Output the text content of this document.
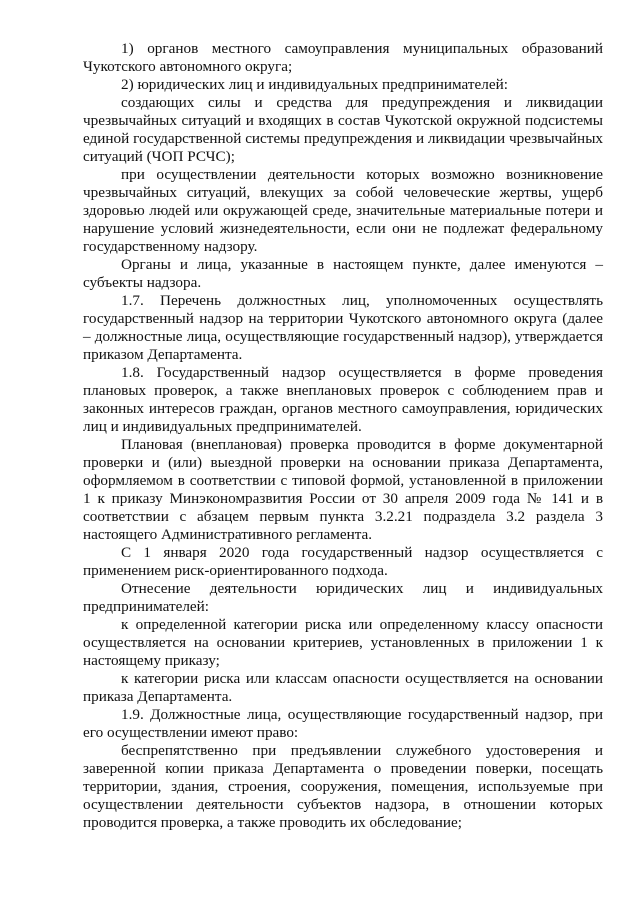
1) органов местного самоуправления муниципальных образований Чукотского автономного округа;

2) юридических лиц и индивидуальных предпринимателей:

создающих силы и средства для предупреждения и ликвидации чрезвычайных ситуаций и входящих в состав Чукотской окружной подсистемы единой государственной системы предупреждения и ликвидации чрезвычайных ситуаций (ЧОП РСЧС);

при осуществлении деятельности которых возможно возникновение чрезвычайных ситуаций, влекущих за собой человеческие жертвы, ущерб здоровью людей или окружающей среде, значительные материальные потери и нарушение условий жизнедеятельности, если они не подлежат федеральному государственному надзору.

Органы и лица, указанные в настоящем пункте, далее именуются – субъекты надзора.

1.7. Перечень должностных лиц, уполномоченных осуществлять государственный надзор на территории Чукотского автономного округа (далее – должностные лица, осуществляющие государственный надзор), утверждается приказом Департамента.

1.8. Государственный надзор осуществляется в форме проведения плановых проверок, а также внеплановых проверок с соблюдением прав и законных интересов граждан, органов местного самоуправления, юридических лиц и индивидуальных предпринимателей.

Плановая (внеплановая) проверка проводится в форме документарной проверки и (или) выездной проверки на основании приказа Департамента, оформляемом в соответствии с типовой формой, установленной в приложении 1 к приказу Минэкономразвития России от 30 апреля 2009 года № 141 и в соответствии с абзацем первым пункта 3.2.21 подраздела 3.2 раздела 3 настоящего Административного регламента.

С 1 января 2020 года государственный надзор осуществляется с применением риск-ориентированного подхода.

Отнесение деятельности юридических лиц и индивидуальных предпринимателей:

к определенной категории риска или определенному классу опасности осуществляется на основании критериев, установленных в приложении 1 к настоящему приказу;

к категории риска или классам опасности осуществляется на основании приказа Департамента.

1.9. Должностные лица, осуществляющие государственный надзор, при его осуществлении имеют право:

беспрепятственно при предъявлении служебного удостоверения и заверенной копии приказа Департамента о проведении поверки, посещать территории, здания, строения, сооружения, помещения, используемые при осуществлении деятельности субъектов надзора, в отношении которых проводится проверка, а также проводить их обследование;
